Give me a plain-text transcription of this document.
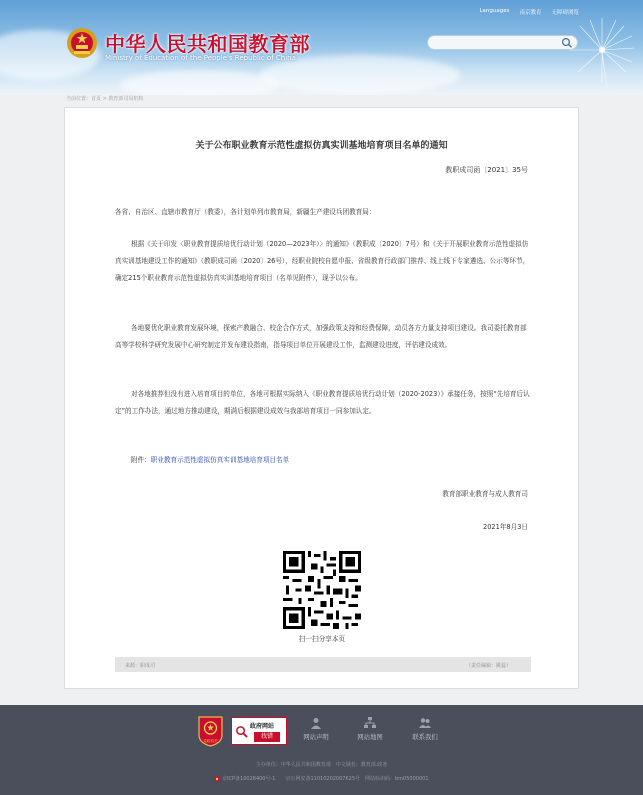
中华人民共和国教育部
Ministry of Education of the People's Republic of China
Languages 南京教育 无障碍浏览
当前位置：首页 > 教育部司局机构
关于公布职业教育示范性虚拟仿真实训基地培育项目名单的通知
教职成司函〔2021〕35号
各省、自治区、直辖市教育厅（教委），各计划单列市教育局，新疆生产建设兵团教育局：
根据《关于印发〈职业教育提质培优行动计划（2020—2023年）〉的通知》（教职成〔2020〕7号）和《关于开展职业教育示范性虚拟仿真实训基地建设工作的通知》（教职成司函〔2020〕26号），经职业院校自愿申报、省级教育行政部门推荐、线上线下专家遴选、公示等环节，确定215个职业教育示范性虚拟仿真实训基地培育项目（名单见附件），现予以公布。
各地要优化职业教育发展环境，探索产教融合、校企合作方式，加强政策支持和经费保障，动员各方力量支持项目建设。我司委托教育部高等学校科学研究发展中心研究制定并发布建设指南，指导项目单位开展建设工作，监测建设进度，评估建设成效。
对各地推荐但没有进入培育项目的单位，各地可根据实际纳入《职业教育提质培优行动计划（2020-2023）》承接任务，按照“先培育后认定”的工作办法，通过地方推动建设，期满后根据建设成效与我部培育项目一同参加认定。
附件：职业教育示范性虚拟仿真实训基地培育项目名单
教育部职业教育与成人教育司
2021年8月3日
扫一扫分享本页
来源：职成司	（责任编辑：姚蕊）
党政机关
政府网站
找错	网站声明	网站地图	联系我们
主办单位：中华人民共和国教育部　中文域名：教育部.政务
京ICP备10028400号-1　　京公网安备11010202007625号　网站标识码：bm05000001
